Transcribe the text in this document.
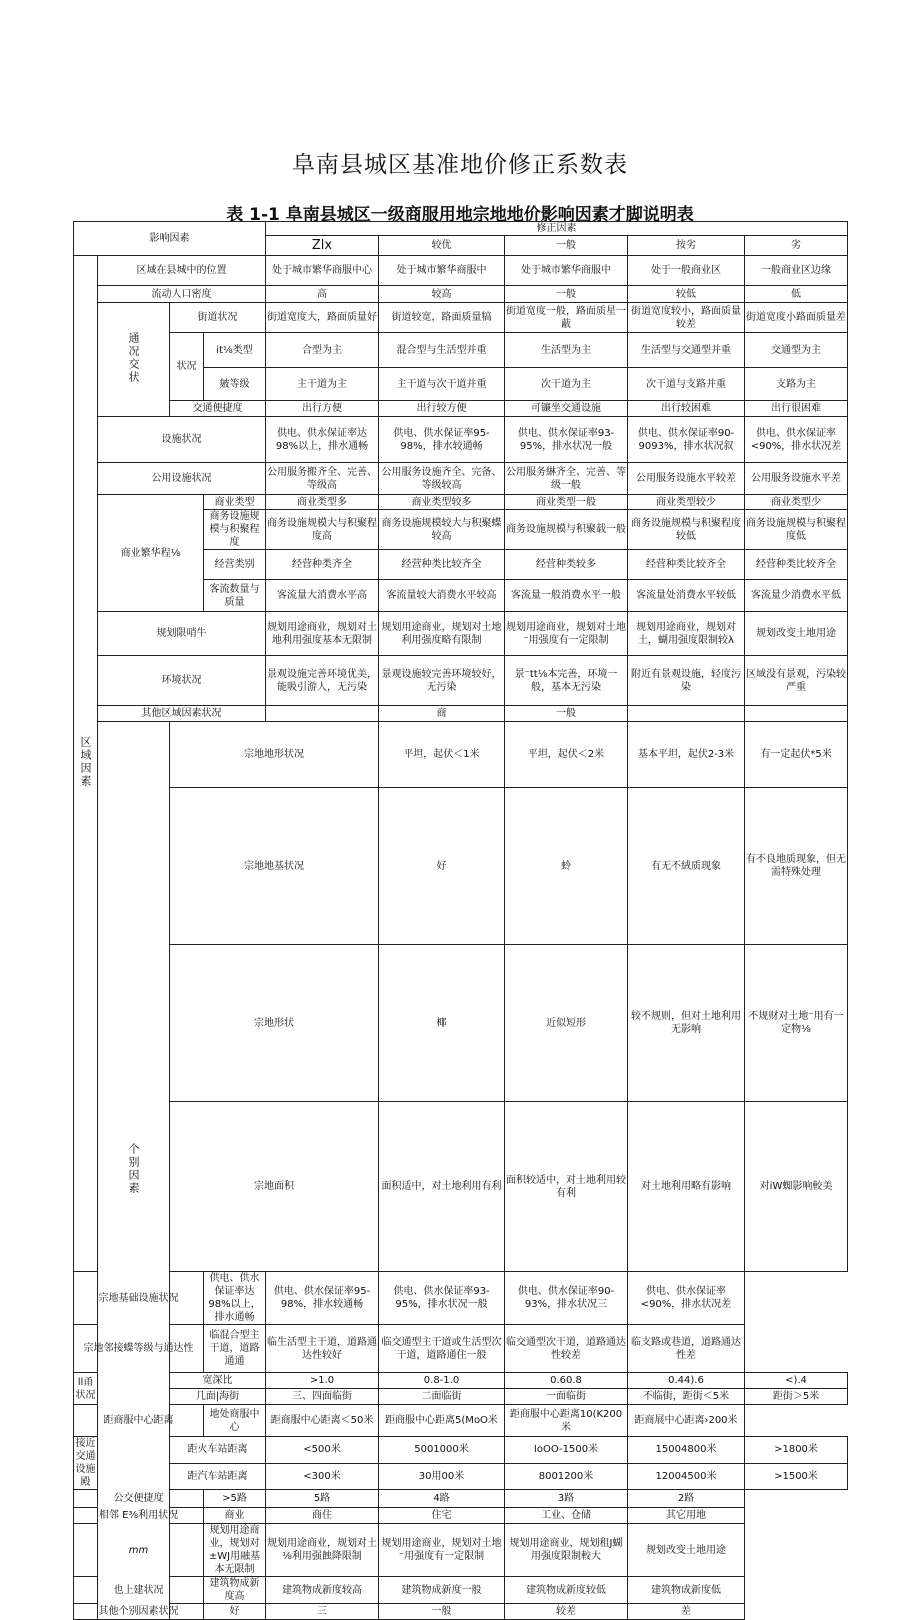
阜南县城区基准地价修正系数表
表 1-1 阜南县城区一级商服用地宗地地价影响因素才脚说明表
影响因素				修正因素					
				Zlx	较优	一般	按劣	劣	
区域因素	区域在县城中的位置			处于城市繁华商服中心	处于城市繁华商服中	处于城市繁华商服中	处于一般商业区	一般商业区边缘	
	流动人口密度			高	较高	一般	较低	低	
	通况交状	街道状况		街道宽度大，路面质量好	街道较宽，路面质量犒	街道宽度一般，路面质星一蔽	街道宽度较小，路面质量较差	街道宽度小路面质量差	
		状况	it⅛类型	合型为主	混合型与生活型并重	生活型为主	生活型与交通型并重	交通型为主	
			皴等级	主干道为主	主干道与次干道并重	次干道为主	次干道与支路并重	支路为主	
		交通便捷度		出行方便	出行较方便	可镰坐交通设施	出行较困难	出行很困难	
	设施状况			供电、供水保证率达98%以上，排水通畅	供电、供水保证率95-98%，排水较通畅	供电、供水保证率93-95%，排水状况一般	供电、供水保证率90-9093%，排水状况叙	供电、供水保证率<90%，排水状况差	
	公用设施状况			公用服务搬齐全、完善、等级高	公用服务设施齐全、完备、等级较高	公用服务綝齐全、完善、等级一般	公用服务设施水平较差	公用服务设施水平差	
	商业繁华程⅛		商业类型	商业类型多	商业类型较多	商业类型一般	商业类型较少	商业类型少	
			商务设施规模与积聚程度	商务设施规模大与积聚程度高	商务设施规模较大与积聚蝶较高	商务设施规模与积聚载一般	商务设施规模与积聚程度较低	商务设施规模与积聚程度低	
			经营类别	经营种类齐全	经营种类比较齐全	经营种类较多	经营种类比较齐全	经营种类比较齐全	
			客流数量与质量	客流量大消费水平高	客流量较大消费水平较高	客流量一般消费水平一般	客流量处消费水平较低	客流量少消费水平低	
	规划限哨牛			规划用途商业，规划对土地利用强度基本无限制	规划用途商业，规划对土地利用强度略有限制	规划用途商业，规划对土地⁻用强度有一定限制	规划用途商业，规划对土，蝴用强度限制较λ	规划改变土地用途	
	环境状况			景观设施完善环境优美，能吸引游人，无污染	景观设施较完善环境较好，无污染	景⁻tt⅛本完善，环境一般，基本无污染	附近有景观设施，轻度污染	区域没有景观，污染较严重	
	其他区域因素状况				商	一般			
	个别因素	宗地地形状况			平坦，起伏＜1米	平坦，起伏＜2米	基本平坦，起伏2-3米	有一定起伏*5米	
		宗地地基状况			好	蛉	有无不絨质现象	有不良地质现象，但无需特殊处理	
		宗地形状			椰	近似短形	较不规则，但对土地利用无影响	不规财对土地⁻用有一定物⅛	
		宗地面积			面积适中，对土地利用有利	面积较适中，对土地利用较有利	对土地利用略有影响	对iW蜘影响較美	
宗地基础设施状况			供电、供水保证率达98%以上，排水通畅	供电、供水保证率95-98%，排水较通畅	供电、供水保证率93-95%，排水状况一般	供电、供水保证率90-93%，排水状况三	供电、供水保证率<90%，排水状况差		
宗地邻接蝶等级与通达性			临混合型主干道，道路通通	临生活型主干道，道路通达性较好	临交通型主干道或生活型次干道，道路通住一般	临交通型次干道，道路通达性较差	临支路或巷道，道路通达性差		
ll甬状况		宽深比		>1.0	0.8-1.0	0.60.8	0.44).6	<).4	
		几面|海街		三、四面临街	二面临街	一面临街	不临街，距街＜5米	距街＞5米	
距商服中心距离			地处商服中心	距商服中心距离＜50米	距商服中心距离5(MoO米	距商服中心距离10(K200米	距商展中心距离›200米		
接近交通设施殿		距火车站距离		<500米	5001000米	IoOO-1500米	15004800米	>1800米	
		距汽车站距离		<300米	30用00米	8001200米	12004500米	>1500米	
公交便捷度			>5路	5路	4路	3路	2路		
相邻 E⅜利用状况			商业	商住	住宅	工业、仓储	其它用地		
mm			规划用途商业，规划对±WJ用融基本无限制	规划用途商业，规划对土⅛利用强蝕降限制	规划用途商业，规划对土地⁻用强度有一定限制	规划用途商业，规划租J蝴用强度限制較大	规划改变土地用途		
也上建状况			建筑物成新度高	建筑物成新度较高	建筑物成新度一般	建筑物成新度较低	建筑物成新度低		
其他个别因素状况			好	三	一般	较差	差		
